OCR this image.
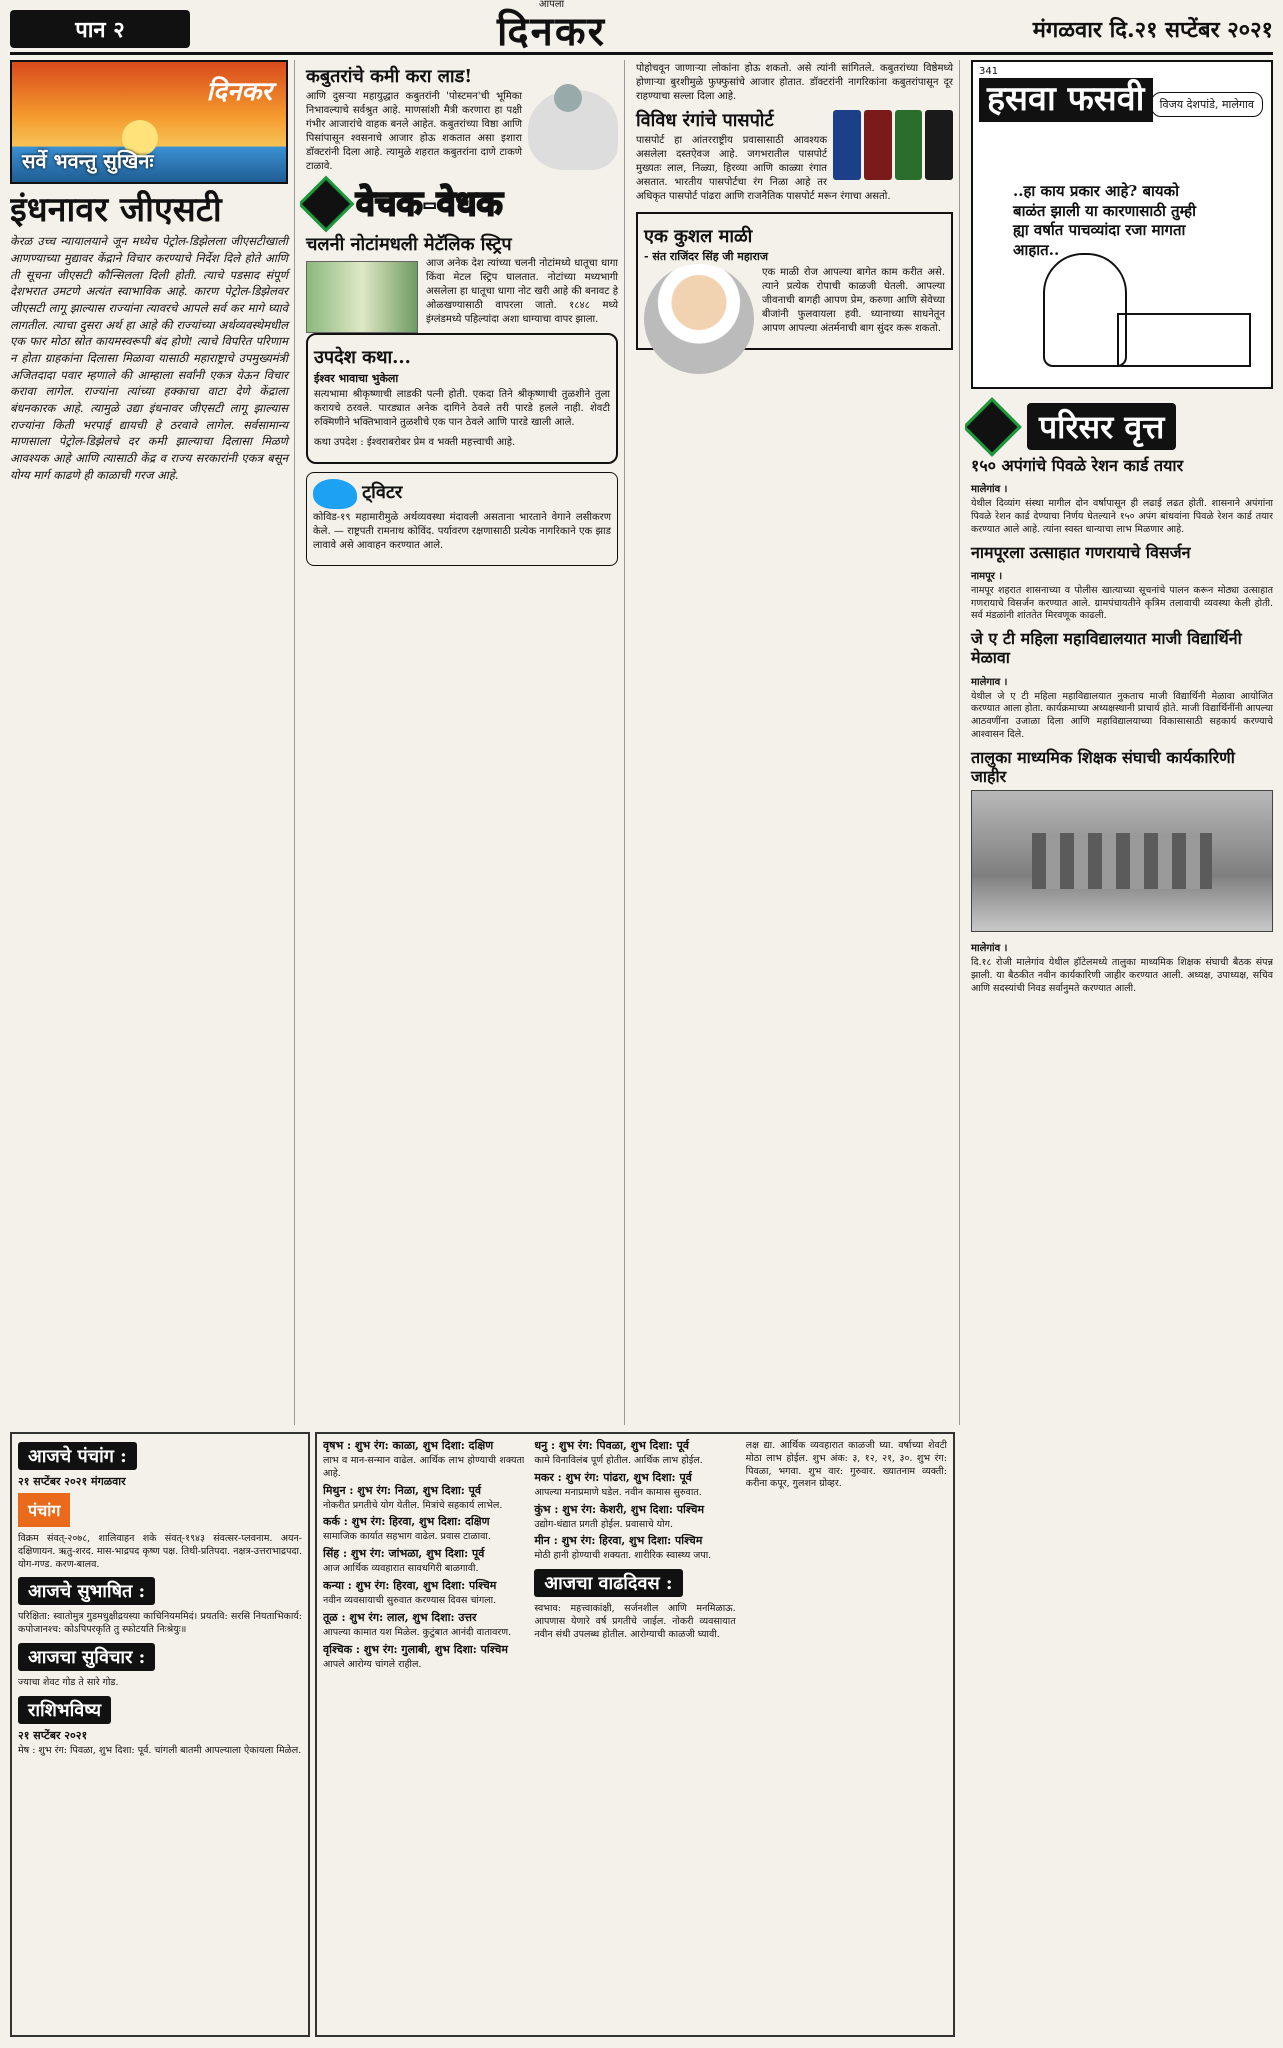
पान २
आपला
दिनकर	मंगळवार दि.२१ सप्टेंबर २०२१
दिनकर
सर्वे भवन्तु सुखिनः
इंधनावर जीएसटी

केरळ उच्च न्यायालयाने जून मध्येच पेट्रोल-डिझेलला जीएसटीखाली आणण्याच्या मुद्यावर केंद्राने विचार करण्याचे निर्देश दिले होते आणि ती सूचना जीएसटी कौन्सिलला दिली होती. त्याचे पडसाद संपूर्ण देशभरात उमटणे अत्यंत स्वाभाविक आहे. कारण पेट्रोल-डिझेलवर जीएसटी लागू झाल्यास राज्यांना त्यावरचे आपले सर्व कर मागे घ्यावे लागतील. त्याचा दुसरा अर्थ हा आहे की राज्यांच्या अर्थव्यवस्थेमधील एक फार मोठा स्रोत कायमस्वरूपी बंद होणे! त्याचे विपरित परिणाम न होता ग्राहकांना दिलासा मिळावा यासाठी महाराष्ट्राचे उपमुख्यमंत्री अजितदादा पवार म्हणाले की आम्हाला सर्वांनी एकत्र येऊन विचार करावा लागेल. राज्यांना त्यांच्या हक्काचा वाटा देणे केंद्राला बंधनकारक आहे. त्यामुळे उद्या इंधनावर जीएसटी लागू झाल्यास राज्यांना किती भरपाई द्यायची हे ठरवावे लागेल. सर्वसामान्य माणसाला पेट्रोल-डिझेलचे दर कमी झाल्याचा दिलासा मिळणे आवश्यक आहे आणि त्यासाठी केंद्र व राज्य सरकारांनी एकत्र बसून योग्य मार्ग काढणे ही काळाची गरज आहे.

कबुतरांचे कमी करा लाड!

आणि दुसऱ्या महायुद्धात कबुतरांनी 'पोस्टमन'ची भूमिका निभावल्याचे सर्वश्रुत आहे. माणसांशी मैत्री करणारा हा पक्षी गंभीर आजारांचे वाहक बनले आहेत. कबुतरांच्या विष्ठा आणि पिसांपासून श्वसनाचे आजार होऊ शकतात असा इशारा डॉक्टरांनी दिला आहे. त्यामुळे शहरात कबुतरांना दाणे टाकणे टाळावे.

वेचक-वेधक
चलनी नोटांमधली मेटॅलिक स्ट्रिप

आज अनेक देश त्यांच्या चलनी नोटांमध्ये धातूचा धागा किंवा मेटल स्ट्रिप घालतात. नोटांच्या मध्यभागी असलेला हा धातूचा धागा नोट खरी आहे की बनावट हे ओळखण्यासाठी वापरला जातो. १८४८ मध्ये इंग्लंडमध्ये पहिल्यांदा अशा धाग्याचा वापर झाला.

उपदेश कथा...
ईश्वर भावाचा भुकेला

सत्यभामा श्रीकृष्णाची लाडकी पत्नी होती. एकदा तिने श्रीकृष्णाची तुळशीने तुला करायचे ठरवले. पारड्यात अनेक दागिने ठेवले तरी पारडे हलले नाही. शेवटी रुक्मिणीने भक्तिभावाने तुळशीचे एक पान ठेवले आणि पारडे खाली आले.

कथा उपदेश : ईश्वराबरोबर प्रेम व भक्ती महत्त्वाची आहे.

ट्विटर

कोविड-१९ महामारीमुळे अर्थव्यवस्था मंदावली असताना भारताने वेगाने लसीकरण केले. — राष्ट्रपती रामनाथ कोविंद. पर्यावरण रक्षणासाठी प्रत्येक नागरिकाने एक झाड लावावे असे आवाहन करण्यात आले.

पोहोचवून जाणाऱ्या लोकांना होऊ शकतो. असे त्यांनी सांगितले. कबुतरांच्या विष्ठेमध्ये होणाऱ्या बुरशीमुळे फुफ्फुसांचे आजार होतात. डॉक्टरांनी नागरिकांना कबुतरांपासून दूर राहण्याचा सल्ला दिला आहे.

विविध रंगांचे पासपोर्ट

पासपोर्ट हा आंतरराष्ट्रीय प्रवासासाठी आवश्यक असलेला दस्तऐवज आहे. जगभरातील पासपोर्ट मुख्यतः लाल, निळ्या, हिरव्या आणि काळ्या रंगात असतात. भारतीय पासपोर्टचा रंग निळा आहे तर अधिकृत पासपोर्ट पांढरा आणि राजनैतिक पासपोर्ट मरून रंगाचा असतो.

एक कुशल माळी
- संत राजिंदर सिंह जी महाराज

एक माळी रोज आपल्या बागेत काम करीत असे. त्याने प्रत्येक रोपाची काळजी घेतली. आपल्या जीवनाची बागही आपण प्रेम, करुणा आणि सेवेच्या बीजांनी फुलवायला हवी. ध्यानाच्या साधनेतून आपण आपल्या अंतर्मनाची बाग सुंदर करू शकतो.

341
हसवा फसवी	विजय देशपांडे, मालेगाव
..हा काय प्रकार आहे? बायको बाळंत झाली या कारणासाठी तुम्ही ह्या वर्षात पाचव्यांदा रजा मागता आहात..
परिसर वृत्त
१५० अपंगांचे पिवळे रेशन कार्ड तयार
मालेगांव ।

येथील दिव्यांग संस्था मागील दोन वर्षापासून ही लढाई लढत होती. शासनाने अपंगांना पिवळे रेशन कार्ड देण्याचा निर्णय घेतल्याने १५० अपंग बांधवांना पिवळे रेशन कार्ड तयार करण्यात आले आहे. त्यांना स्वस्त धान्याचा लाभ मिळणार आहे.

नामपूरला उत्साहात गणरायाचे विसर्जन
नामपूर ।

नामपूर शहरात शासनाच्या व पोलीस खात्याच्या सूचनांचे पालन करून मोठ्या उत्साहात गणरायाचे विसर्जन करण्यात आले. ग्रामपंचायतीने कृत्रिम तलावाची व्यवस्था केली होती. सर्व मंडळांनी शांततेत मिरवणूक काढली.

जे ए टी महिला महाविद्यालयात माजी विद्यार्थिनी मेळावा
मालेगाव ।

येथील जे ए टी महिला महाविद्यालयात नुकताच माजी विद्यार्थिनी मेळावा आयोजित करण्यात आला होता. कार्यक्रमाच्या अध्यक्षस्थानी प्राचार्य होते. माजी विद्यार्थिनींनी आपल्या आठवणींना उजाळा दिला आणि महाविद्यालयाच्या विकासासाठी सहकार्य करण्याचे आश्वासन दिले.

तालुका माध्यमिक शिक्षक संघाची कार्यकारिणी जाहीर
मालेगांव ।

दि.१८ रोजी मालेगांव येथील हॉटेलमध्ये तालुका माध्यमिक शिक्षक संघाची बैठक संपन्न झाली. या बैठकीत नवीन कार्यकारिणी जाहीर करण्यात आली. अध्यक्ष, उपाध्यक्ष, सचिव आणि सदस्यांची निवड सर्वानुमते करण्यात आली.

आजचे पंचांग :
२१ सप्टेंबर २०२१ मंगळवार
पंचांग

विक्रम संवत्-२०७८, शालिवाहन शके संवत्-१९४३ संवत्सर-प्लवनाम. अयन-दक्षिणायन. ऋतु-शरद. मास-भाद्रपद कृष्ण पक्ष. तिथी-प्रतिपदा. नक्षत्र-उत्तराभाद्रपदा. योग-गण्ड. करण-बालव.

आजचे सुभाषित :

परिक्षिता: स्वातोमुत्र गुडमधुक्षीद्रयस्या काचिनियममिदं। प्रयतवि: सरसि नियताभिकार्य: कपोजानश्च: कोऽपिपरकृति तु स्फोटयति निःश्रेयुः॥

आजचा सुविचार :

ज्याचा शेवट गोड ते सारे गोड.

राशिभविष्य
२१ सप्टेंबर २०२१

मेष : शुभ रंग: पिवळा, शुभ दिशा: पूर्व. चांगली बातमी आपल्याला ऐकायला मिळेल.

वृषभ : शुभ रंग: काळा, शुभ दिशा: दक्षिण

लाभ व मान-सन्मान वाढेल. आर्थिक लाभ होण्याची शक्यता आहे.

मिथुन : शुभ रंग: निळा, शुभ दिशा: पूर्व

नोकरीत प्रगतीचे योग येतील. मित्रांचे सहकार्य लाभेल.

कर्क : शुभ रंग: हिरवा, शुभ दिशा: दक्षिण

सामाजिक कार्यात सहभाग वाढेल. प्रवास टाळावा.

सिंह : शुभ रंग: जांभळा, शुभ दिशा: पूर्व

आज आर्थिक व्यवहारात सावधगिरी बाळगावी.

कन्या : शुभ रंग: हिरवा, शुभ दिशा: पश्चिम

नवीन व्यवसायाची सुरुवात करण्यास दिवस चांगला.

तूळ : शुभ रंग: लाल, शुभ दिशा: उत्तर

आपल्या कामात यश मिळेल. कुटुंबात आनंदी वातावरण.

वृश्चिक : शुभ रंग: गुलाबी, शुभ दिशा: पश्चिम

आपले आरोग्य चांगले राहील.

धनु : शुभ रंग: पिवळा, शुभ दिशा: पूर्व

कामे विनाविलंब पूर्ण होतील. आर्थिक लाभ होईल.

मकर : शुभ रंग: पांढरा, शुभ दिशा: पूर्व

आपल्या मनाप्रमाणे घडेल. नवीन कामास सुरुवात.

कुंभ : शुभ रंग: केशरी, शुभ दिशा: पश्चिम

उद्योग-धंद्यात प्रगती होईल. प्रवासाचे योग.

मीन : शुभ रंग: हिरवा, शुभ दिशा: पश्चिम

मोठी हानी होण्याची शक्यता. शारीरिक स्वास्थ्य जपा.

आजचा वाढदिवस :

स्वभाव: महत्त्वाकांक्षी, सर्जनशील आणि मनमिळाऊ. आपणास येणारे वर्ष प्रगतीचे जाईल. नोकरी व्यवसायात नवीन संधी उपलब्ध होतील. आरोग्याची काळजी घ्यावी.

लक्ष द्या. आर्थिक व्यवहारात काळजी घ्या. वर्षाच्या शेवटी मोठा लाभ होईल. शुभ अंक: ३, १२, २१, ३०. शुभ रंग: पिवळा, भगवा. शुभ वार: गुरुवार. ख्यातनाम व्यक्ती: करीना कपूर, गुलशन ग्रोव्हर.
